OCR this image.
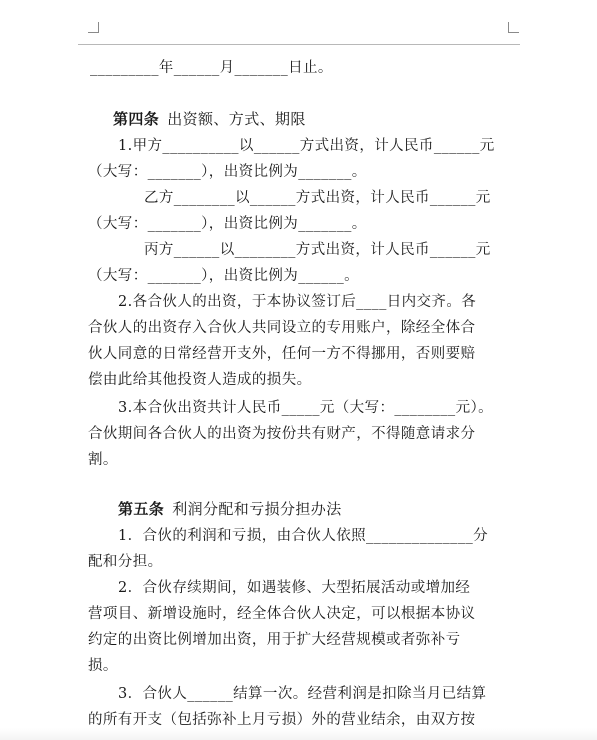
_________年______月_______日止。

第四条 出资额、方式、期限

1.甲方__________以______方式出资，计人民币______元

（大写：_______），出资比例为_______。

乙方________以______方式出资，计人民币______元

（大写：_______），出资比例为_______。

丙方______以________方式出资，计人民币______元

（大写：_______），出资比例为______。

2.各合伙人的出资，于本协议签订后____日内交齐。各

合伙人的出资存入合伙人共同设立的专用账户，除经全体合

伙人同意的日常经营开支外，任何一方不得挪用，否则要赔

偿由此给其他投资人造成的损失。

3.本合伙出资共计人民币_____元（大写：________元）。

合伙期间各合伙人的出资为按份共有财产，不得随意请求分

割。

第五条 利润分配和亏损分担办法

1．合伙的利润和亏损，由合伙人依照______________分

配和分担。

2．合伙存续期间，如遇装修、大型拓展活动或增加经

营项目、新增设施时，经全体合伙人决定，可以根据本协议

约定的出资比例增加出资，用于扩大经营规模或者弥补亏

损。

3．合伙人______结算一次。经营利润是扣除当月已结算

的所有开支（包括弥补上月亏损）外的营业结余，由双方按
